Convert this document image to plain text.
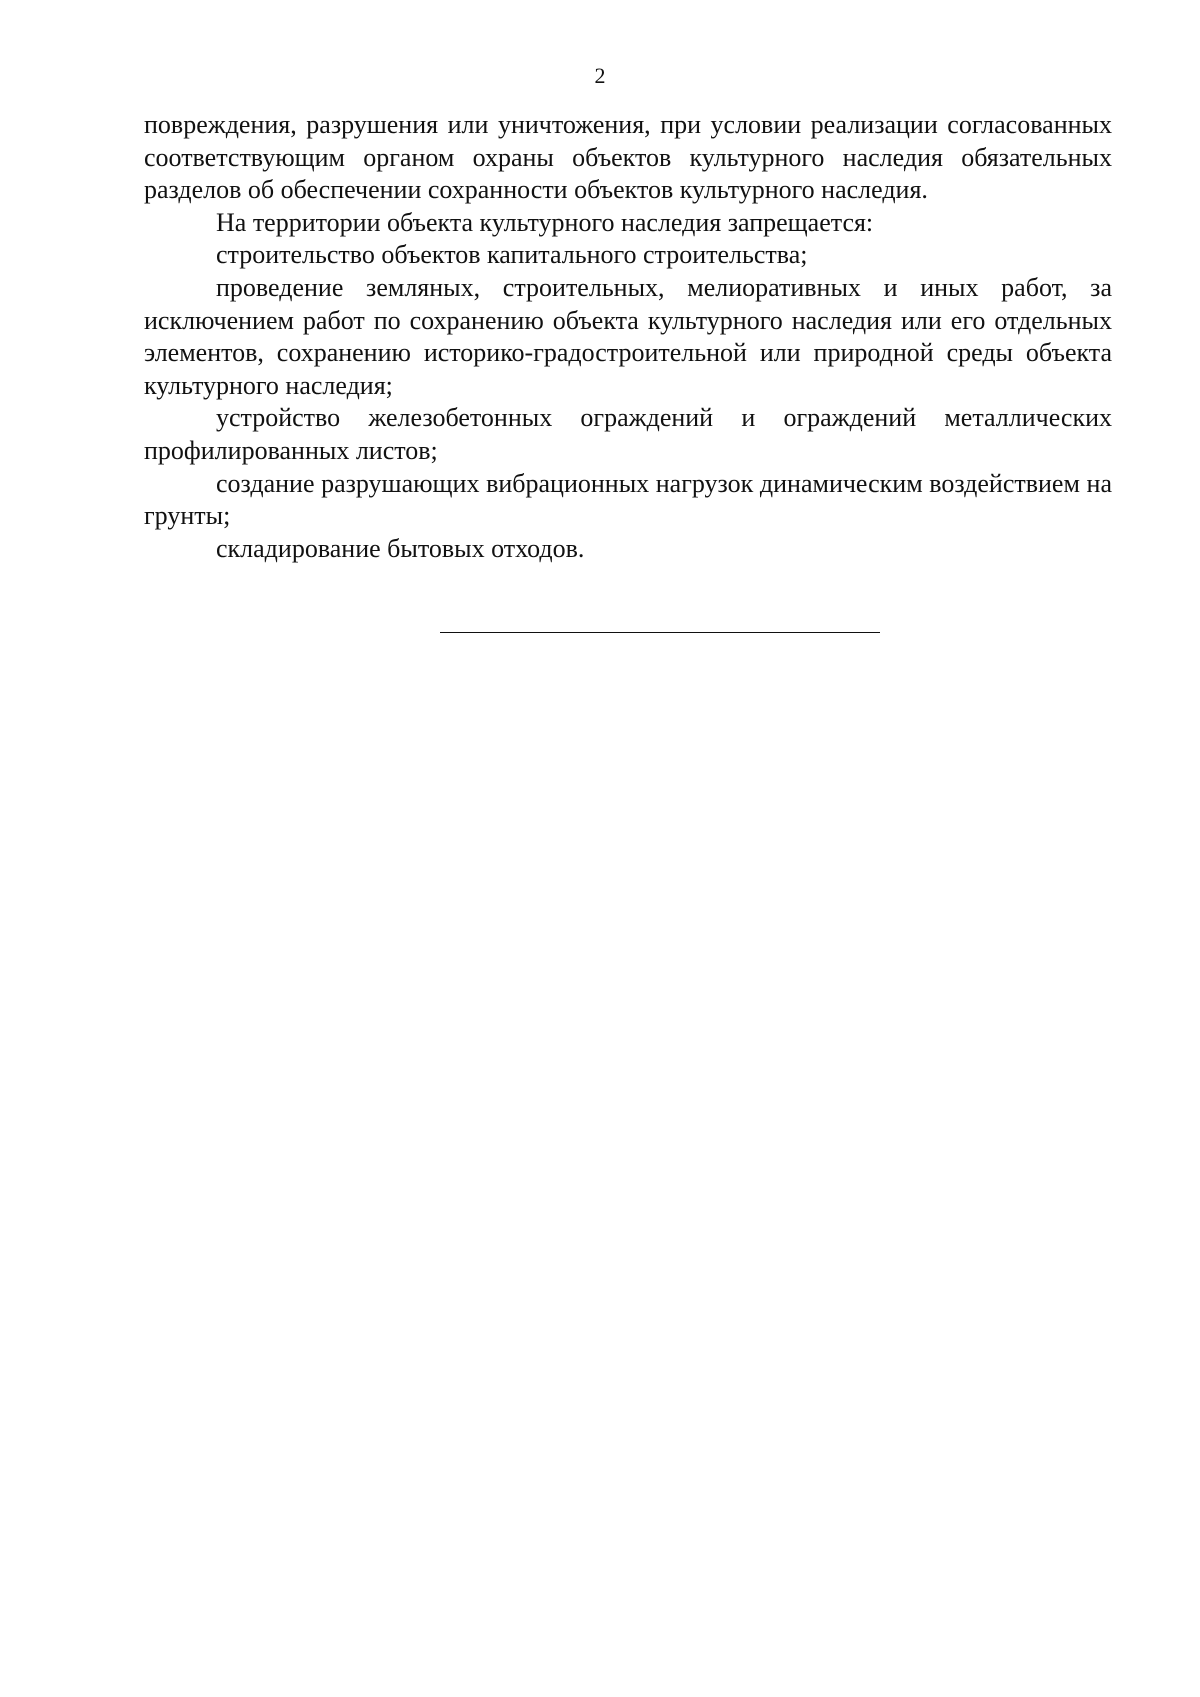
2

повреждения, разрушения или уничтожения, при условии реализации согласованных соответствующим органом охраны объектов культурного наследия обязательных разделов об обеспечении сохранности объектов культурного наследия.

На территории объекта культурного наследия запрещается:

строительство объектов капитального строительства;

проведение земляных, строительных, мелиоративных и иных работ, за исключением работ по сохранению объекта культурного наследия или его отдельных элементов, сохранению историко-градостроительной или природной среды объекта культурного наследия;

устройство железобетонных ограждений и ограждений металлических профилированных листов;

создание разрушающих вибрационных нагрузок динамическим воздействием на грунты;

складирование бытовых отходов.
